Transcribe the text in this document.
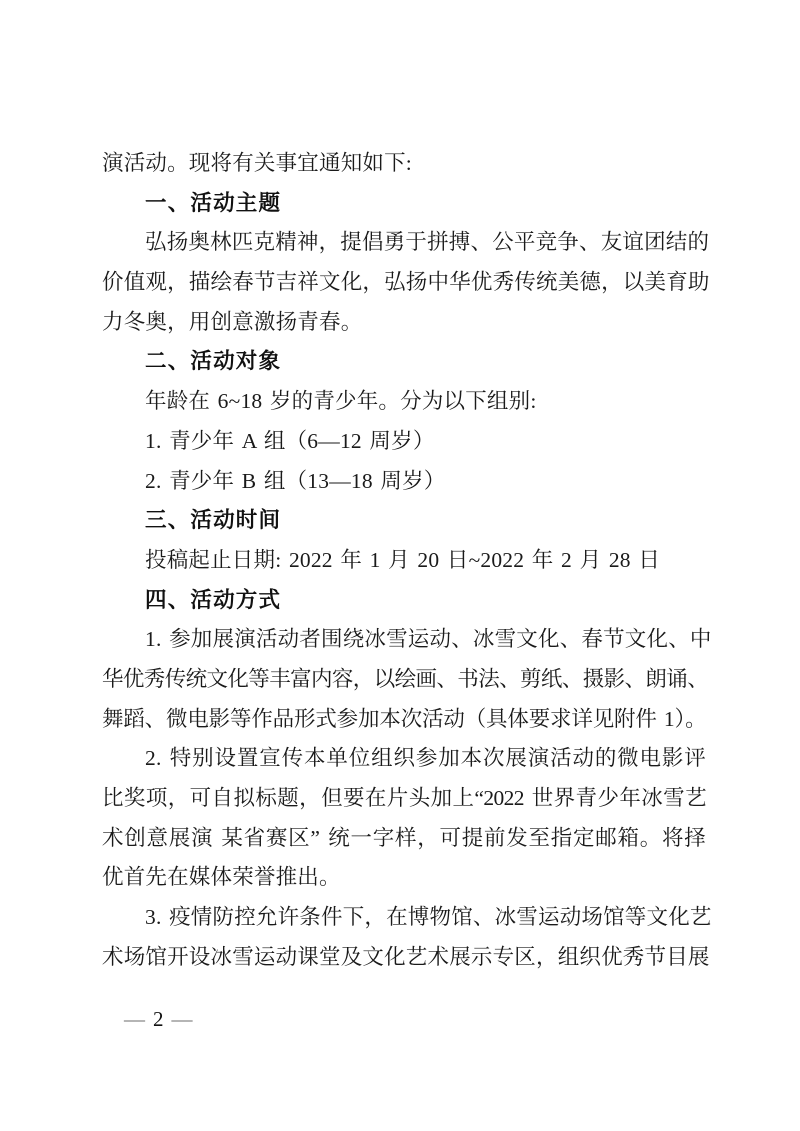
演活动。现将有关事宜通知如下:
一、活动主题
弘扬奥林匹克精神，提倡勇于拼搏、公平竞争、友谊团结的
价值观，描绘春节吉祥文化，弘扬中华优秀传统美德，以美育助
力冬奥，用创意激扬青春。
二、活动对象
年龄在 6~18 岁的青少年。分为以下组别:
1. 青少年 A 组（6—12 周岁）
2. 青少年 B 组（13—18 周岁）
三、活动时间
投稿起止日期: 2022 年 1 月 20 日~2022 年 2 月 28 日
四、活动方式
1. 参加展演活动者围绕冰雪运动、冰雪文化、春节文化、中
华优秀传统文化等丰富内容，以绘画、书法、剪纸、摄影、朗诵、
舞蹈、微电影等作品形式参加本次活动（具体要求详见附件 1）。
2. 特别设置宣传本单位组织参加本次展演活动的微电影评
比奖项，可自拟标题，但要在片头加上“2022 世界青少年冰雪艺
术创意展演 某省赛区” 统一字样，可提前发至指定邮箱。将择
优首先在媒体荣誉推出。
3. 疫情防控允许条件下，在博物馆、冰雪运动场馆等文化艺
术场馆开设冰雪运动课堂及文化艺术展示专区，组织优秀节目展
— 2 —
